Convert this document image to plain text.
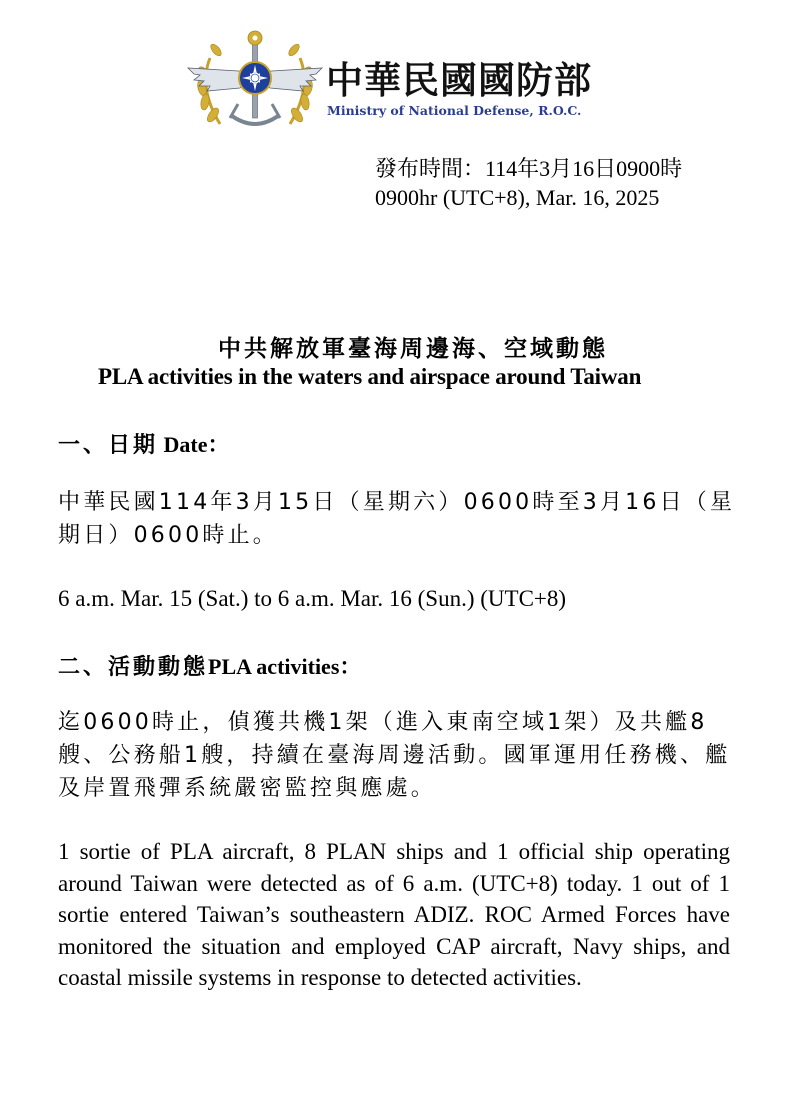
中華民國國防部
Ministry of National Defense, R.O.C.
發布時間：114年3月16日0900時
0900hr (UTC+8), Mar. 16, 2025
中共解放軍臺海周邊海、空域動態
PLA activities in the waters and airspace around Taiwan
一、日期 Date：
中華民國114年3月15日（星期六）0600時至3月16日（星期日）0600時止。
6 a.m. Mar. 15 (Sat.) to 6 a.m. Mar. 16 (Sun.) (UTC+8)
二、活動動態PLA activities：
迄0600時止，偵獲共機1架（進入東南空域1架）及共艦8艘、公務船1艘，持續在臺海周邊活動。國軍運用任務機、艦及岸置飛彈系統嚴密監控與應處。
1 sortie of PLA aircraft, 8 PLAN ships and 1 official ship operating around Taiwan were detected as of 6 a.m. (UTC+8) today. 1 out of 1 sortie entered Taiwan’s southeastern ADIZ. ROC Armed Forces have monitored the situation and employed CAP aircraft, Navy ships, and coastal missile systems in response to detected activities.
